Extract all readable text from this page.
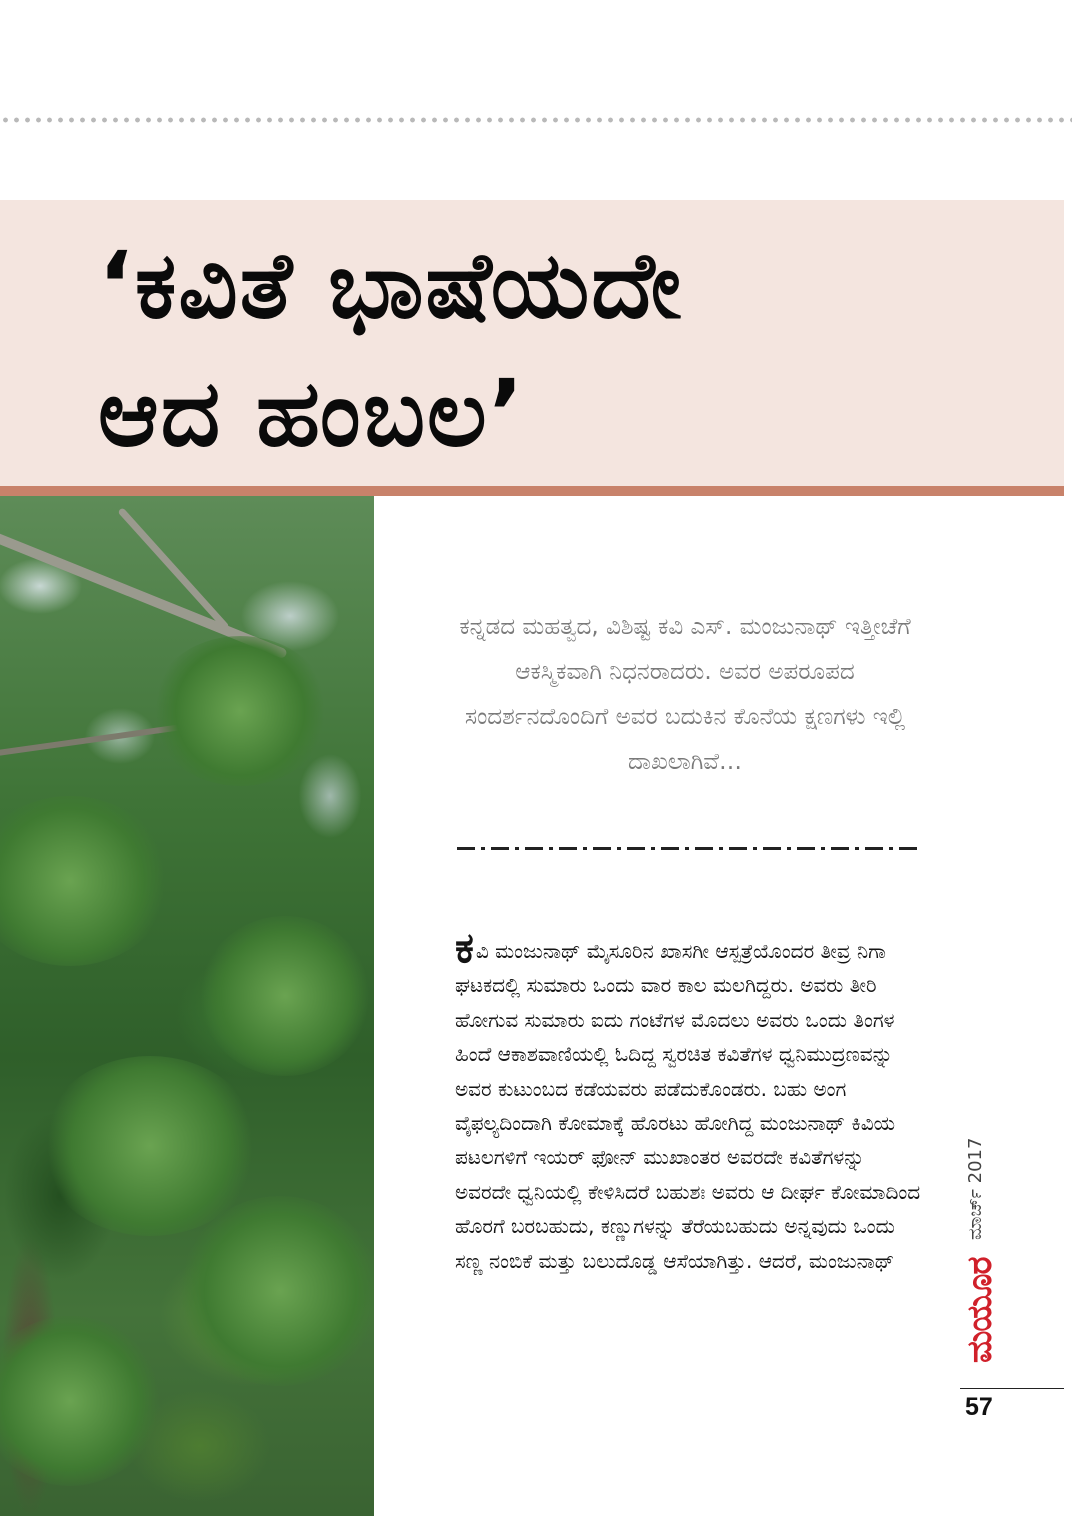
‘ಕವಿತೆ ಭಾಷೆಯದೇ
ಆದ ಹಂಬಲ’

ಕನ್ನಡದ ಮಹತ್ವದ, ವಿಶಿಷ್ಟ ಕವಿ ಎಸ್. ಮಂಜುನಾಥ್ ಇತ್ತೀಚೆಗೆ ಆಕಸ್ಮಿಕವಾಗಿ ನಿಧನರಾದರು. ಅವರ ಅಪರೂಪದ ಸಂದರ್ಶನದೊಂದಿಗೆ ಅವರ ಬದುಕಿನ ಕೊನೆಯ ಕ್ಷಣಗಳು ಇಲ್ಲಿ ದಾಖಲಾಗಿವೆ…

ಕವಿ ಮಂಜುನಾಥ್ ಮೈಸೂರಿನ ಖಾಸಗೀ ಆಸ್ಪತ್ರೆಯೊಂದರ ತೀವ್ರ ನಿಗಾ ಘಟಕದಲ್ಲಿ ಸುಮಾರು ಒಂದು ವಾರ ಕಾಲ ಮಲಗಿದ್ದರು. ಅವರು ತೀರಿ ಹೋಗುವ ಸುಮಾರು ಐದು ಗಂಟೆಗಳ ಮೊದಲು ಅವರು ಒಂದು ತಿಂಗಳ ಹಿಂದೆ ಆಕಾಶವಾಣಿಯಲ್ಲಿ ಓದಿದ್ದ ಸ್ವರಚಿತ ಕವಿತೆಗಳ ಧ್ವನಿಮುದ್ರಣವನ್ನು ಅವರ ಕುಟುಂಬದ ಕಡೆಯವರು ಪಡೆದುಕೊಂಡರು. ಬಹು ಅಂಗ ವೈಫಲ್ಯದಿಂದಾಗಿ ಕೋಮಾಕ್ಕೆ ಹೊರಟು ಹೋಗಿದ್ದ ಮಂಜುನಾಥ್ ಕಿವಿಯ ಪಟಲಗಳಿಗೆ ಇಯರ್ ಫೋನ್ ಮುಖಾಂತರ ಅವರದೇ ಕವಿತೆಗಳನ್ನು ಅವರದೇ ಧ್ವನಿಯಲ್ಲಿ ಕೇಳಿಸಿದರೆ ಬಹುಶಃ ಅವರು ಆ ದೀರ್ಘ ಕೋಮಾದಿಂದ ಹೊರಗೆ ಬರಬಹುದು, ಕಣ್ಣುಗಳನ್ನು ತೆರೆಯಬಹುದು ಅನ್ನವುದು ಒಂದು ಸಣ್ಣ ನಂಬಿಕೆ ಮತ್ತು ಬಲುದೊಡ್ಡ ಆಸೆಯಾಗಿತ್ತು. ಆದರೆ, ಮಂಜುನಾಥ್

ಮಾರ್ಚ್ 2017
ಮಯೂರ
57
